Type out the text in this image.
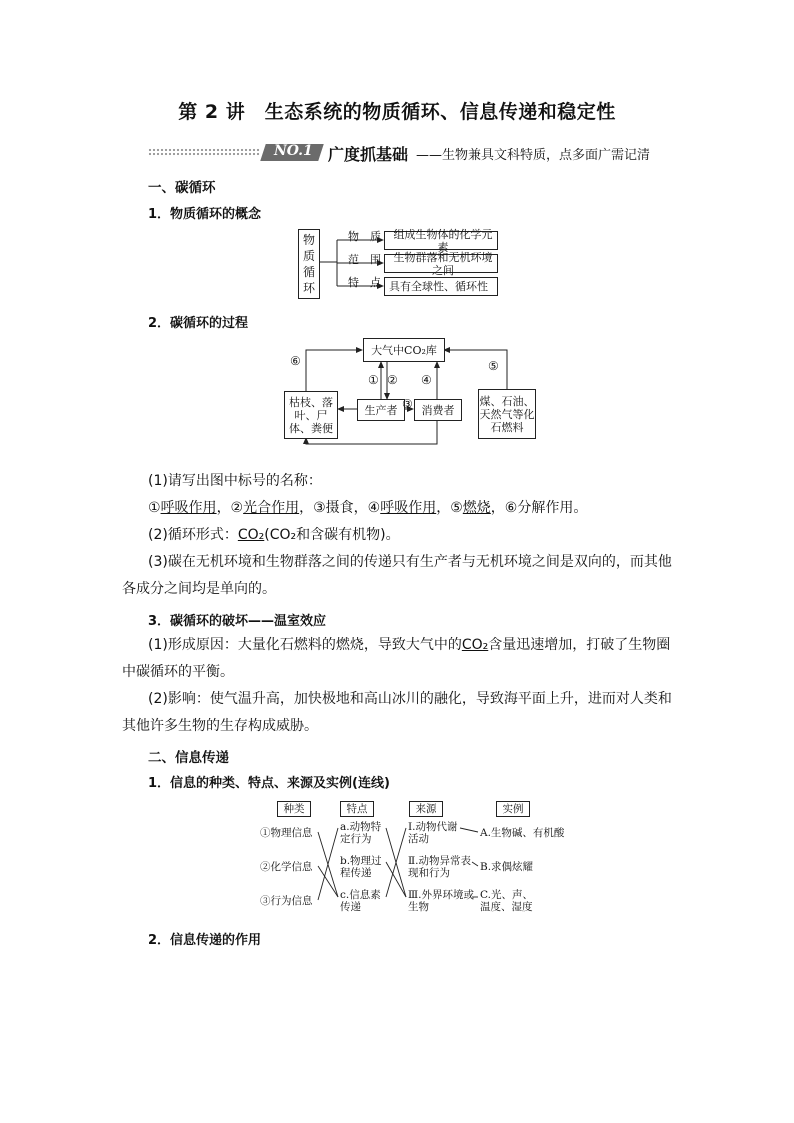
第 2 讲　生态系统的物质循环、信息传递和稳定性
NO.1 广度抓基础 ——生物兼具文科特质，点多面广需记清
一、碳循环
1．物质循环的概念
物
质
循
环
物　质
范　围
特　点
组成生物体的化学元素
生物群落和无机环境之间
具有全球性、循环性
2．碳循环的过程
大气中CO₂库
枯枝、落叶、尸体、粪便
生产者 消费者
煤、石油、天然气等化石燃料
① ②
③
④
⑤
⑥
(1)请写出图中标号的名称：
①呼吸作用，②光合作用，③摄食，④呼吸作用，⑤燃烧，⑥分解作用。
(2)循环形式：CO₂(CO₂和含碳有机物)。
(3)碳在无机环境和生物群落之间的传递只有生产者与无机环境之间是双向的，而其他各成分之间均是单向的。
3．碳循环的破坏——温室效应
(1)形成原因：大量化石燃料的燃烧，导致大气中的CO₂含量迅速增加，打破了生物圈中碳循环的平衡。
(2)影响：使气温升高，加快极地和高山冰川的融化，导致海平面上升，进而对人类和其他许多生物的生存构成威胁。
二、信息传递
1．信息的种类、特点、来源及实例(连线)
种类	特点	来源	实例
①物理信息
②化学信息
③行为信息
a.动物特定行为
b.物理过程传递
c.信息素传递
Ⅰ.动物代谢活动
Ⅱ.动物异常表现和行为
Ⅲ.外界环境或生物
A.生物碱、有机酸
B.求偶炫耀
C.光、声、温度、湿度
2．信息传递的作用
